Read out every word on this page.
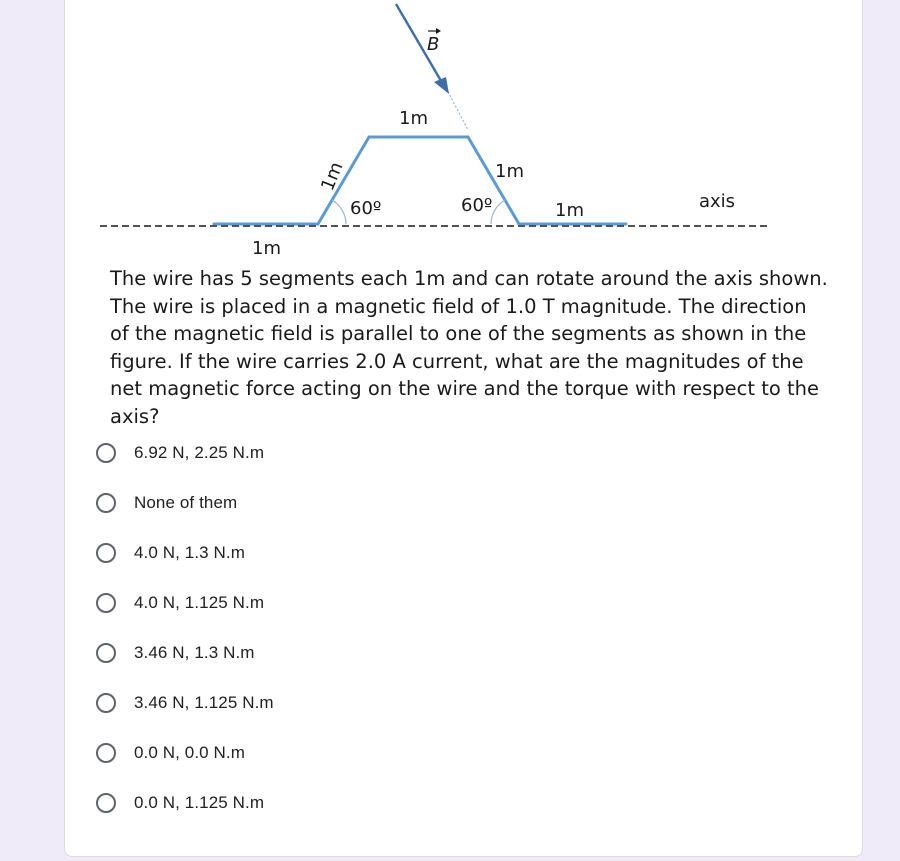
B
1m
1m	1m
60º	60º	1m	axis
1m
The wire has 5 segments each 1m and can rotate around the axis shown. The wire is placed in a magnetic field of 1.0 T magnitude. The direction of the magnetic field is parallel to one of the segments as shown in the figure. If the wire carries 2.0 A current, what are the magnitudes of the net magnetic force acting on the wire and the torque with respect to the axis?
6.92 N, 2.25 N.m
None of them
4.0 N, 1.3 N.m
4.0 N, 1.125 N.m
3.46 N, 1.3 N.m
3.46 N, 1.125 N.m
0.0 N, 0.0 N.m
0.0 N, 1.125 N.m
